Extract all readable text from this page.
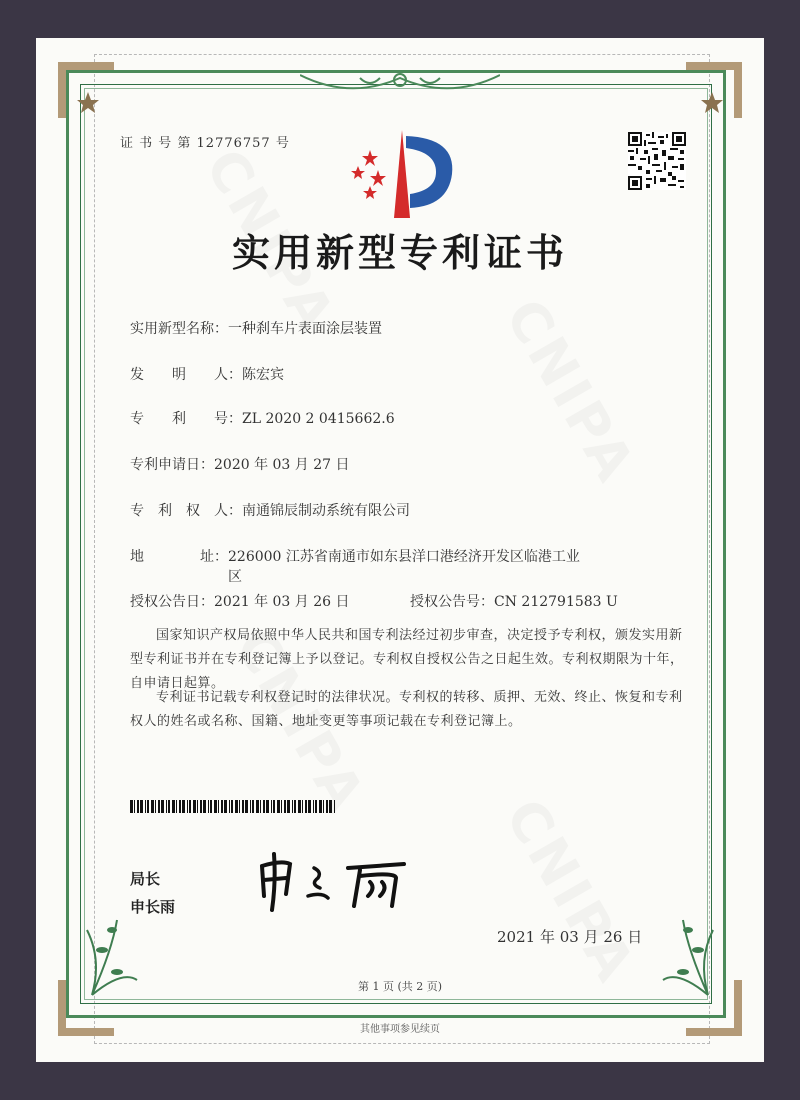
证 书 号 第 12776757 号
实用新型专利证书
实用新型名称：一种刹车片表面涂层装置
发　　明　　人：陈宏宾
专　　利　　号：ZL 2020 2 0415662.6
专利申请日：2020 年 03 月 27 日
专　利　权　人：南通锦辰制动系统有限公司
地　　　　址：226000 江苏省南通市如东县洋口港经济开发区临港工业
区
授权公告日：2021 年 03 月 26 日	授权公告号：CN 212791583 U
国家知识产权局依照中华人民共和国专利法经过初步审查，决定授予专利权，颁发实用新型专利证书并在专利登记簿上予以登记。专利权自授权公告之日起生效。专利权期限为十年，自申请日起算。
专利证书记载专利权登记时的法律状况。专利权的转移、质押、无效、终止、恢复和专利权人的姓名或名称、国籍、地址变更等事项记载在专利登记簿上。
局长
申长雨
2021 年 03 月 26 日
第 1 页 (共 2 页)
其他事项参见续页
